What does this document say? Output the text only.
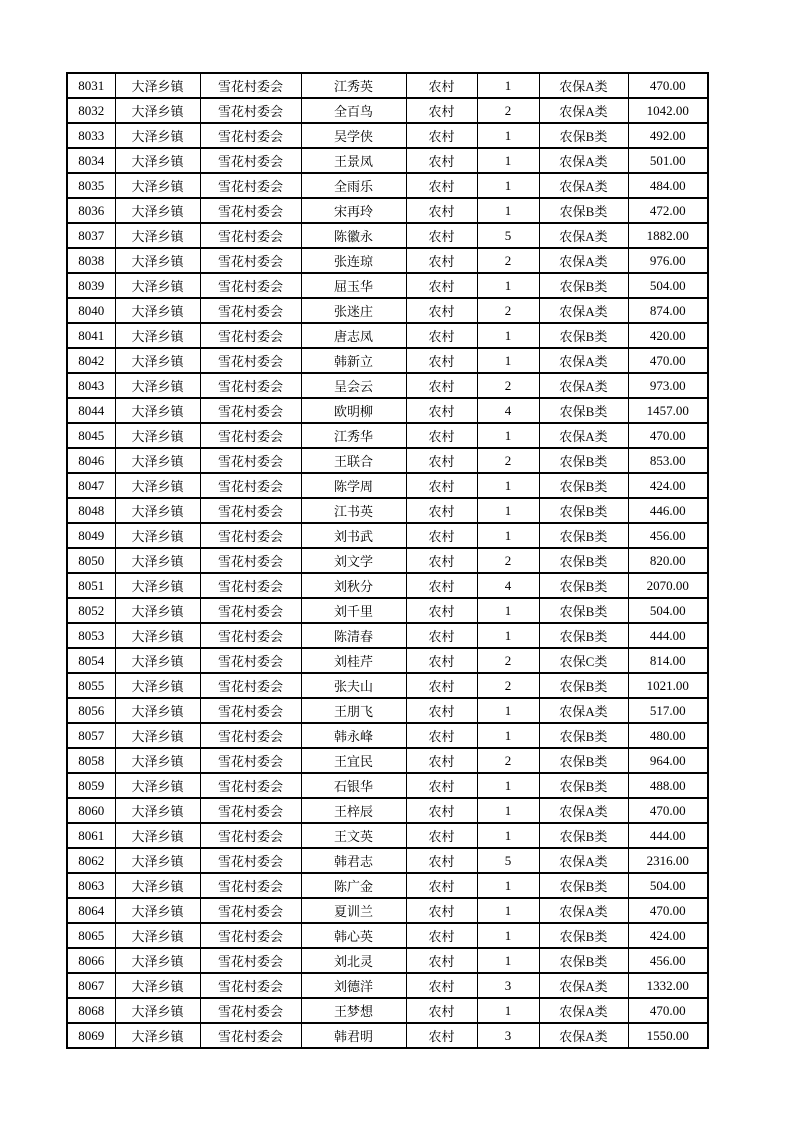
8031	大泽乡镇	雪花村委会	江秀英	农村	1	农保A类	470.00
8032	大泽乡镇	雪花村委会	全百鸟	农村	2	农保A类	1042.00
8033	大泽乡镇	雪花村委会	吴学侠	农村	1	农保B类	492.00
8034	大泽乡镇	雪花村委会	王景凤	农村	1	农保A类	501.00
8035	大泽乡镇	雪花村委会	全雨乐	农村	1	农保A类	484.00
8036	大泽乡镇	雪花村委会	宋再玲	农村	1	农保B类	472.00
8037	大泽乡镇	雪花村委会	陈徽永	农村	5	农保A类	1882.00
8038	大泽乡镇	雪花村委会	张连琼	农村	2	农保A类	976.00
8039	大泽乡镇	雪花村委会	屈玉华	农村	1	农保B类	504.00
8040	大泽乡镇	雪花村委会	张迷庄	农村	2	农保A类	874.00
8041	大泽乡镇	雪花村委会	唐志凤	农村	1	农保B类	420.00
8042	大泽乡镇	雪花村委会	韩新立	农村	1	农保A类	470.00
8043	大泽乡镇	雪花村委会	呈会云	农村	2	农保A类	973.00
8044	大泽乡镇	雪花村委会	欧明柳	农村	4	农保B类	1457.00
8045	大泽乡镇	雪花村委会	江秀华	农村	1	农保A类	470.00
8046	大泽乡镇	雪花村委会	王联合	农村	2	农保B类	853.00
8047	大泽乡镇	雪花村委会	陈学周	农村	1	农保B类	424.00
8048	大泽乡镇	雪花村委会	江书英	农村	1	农保B类	446.00
8049	大泽乡镇	雪花村委会	刘书武	农村	1	农保B类	456.00
8050	大泽乡镇	雪花村委会	刘文学	农村	2	农保B类	820.00
8051	大泽乡镇	雪花村委会	刘秋分	农村	4	农保B类	2070.00
8052	大泽乡镇	雪花村委会	刘千里	农村	1	农保B类	504.00
8053	大泽乡镇	雪花村委会	陈清春	农村	1	农保B类	444.00
8054	大泽乡镇	雪花村委会	刘桂芹	农村	2	农保C类	814.00
8055	大泽乡镇	雪花村委会	张夫山	农村	2	农保B类	1021.00
8056	大泽乡镇	雪花村委会	王朋飞	农村	1	农保A类	517.00
8057	大泽乡镇	雪花村委会	韩永峰	农村	1	农保B类	480.00
8058	大泽乡镇	雪花村委会	王宜民	农村	2	农保B类	964.00
8059	大泽乡镇	雪花村委会	石银华	农村	1	农保B类	488.00
8060	大泽乡镇	雪花村委会	王梓辰	农村	1	农保A类	470.00
8061	大泽乡镇	雪花村委会	王文英	农村	1	农保B类	444.00
8062	大泽乡镇	雪花村委会	韩君志	农村	5	农保A类	2316.00
8063	大泽乡镇	雪花村委会	陈广金	农村	1	农保B类	504.00
8064	大泽乡镇	雪花村委会	夏训兰	农村	1	农保A类	470.00
8065	大泽乡镇	雪花村委会	韩心英	农村	1	农保B类	424.00
8066	大泽乡镇	雪花村委会	刘北灵	农村	1	农保B类	456.00
8067	大泽乡镇	雪花村委会	刘德洋	农村	3	农保A类	1332.00
8068	大泽乡镇	雪花村委会	王梦想	农村	1	农保A类	470.00
8069	大泽乡镇	雪花村委会	韩君明	农村	3	农保A类	1550.00
